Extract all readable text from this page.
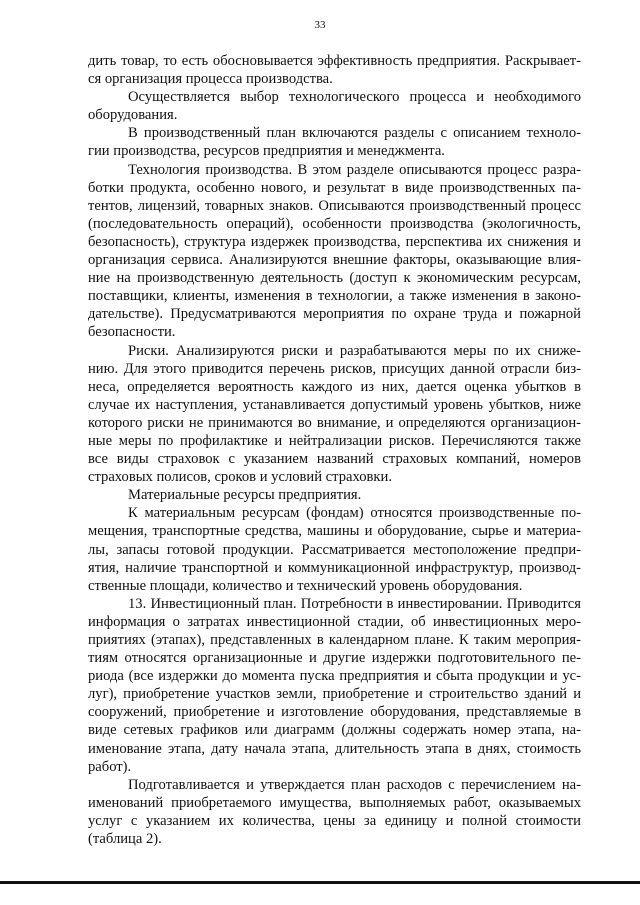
33
дить товар, то есть обосновывается эффективность предприятия. Раскрывает-
ся организация процесса производства.
Осуществляется выбор технологического процесса и необходимого
оборудования.
В производственный план включаются разделы с описанием техноло-
гии производства, ресурсов предприятия и менеджмента.
Технология производства. В этом разделе описываются процесс разра-
ботки продукта, особенно нового, и результат в виде производственных па-
тентов, лицензий, товарных знаков. Описываются производственный процесс
(последовательность операций), особенности производства (экологичность,
безопасность), структура издержек производства, перспектива их снижения и
организация сервиса. Анализируются внешние факторы, оказывающие влия-
ние на производственную деятельность (доступ к экономическим ресурсам,
поставщики, клиенты, изменения в технологии, а также изменения в законо-
дательстве). Предусматриваются мероприятия по охране труда и пожарной
безопасности.
Риски. Анализируются риски и разрабатываются меры по их сниже-
нию. Для этого приводится перечень рисков, присущих данной отрасли биз-
неса, определяется вероятность каждого из них, дается оценка убытков в
случае их наступления, устанавливается допустимый уровень убытков, ниже
которого риски не принимаются во внимание, и определяются организацион-
ные меры по профилактике и нейтрализации рисков. Перечисляются также
все виды страховок с указанием названий страховых компаний, номеров
страховых полисов, сроков и условий страховки.
Материальные ресурсы предприятия.
К материальным ресурсам (фондам) относятся производственные по-
мещения, транспортные средства, машины и оборудование, сырье и материа-
лы, запасы готовой продукции. Рассматривается местоположение предпри-
ятия, наличие транспортной и коммуникационной инфраструктур, производ-
ственные площади, количество и технический уровень оборудования.
13. Инвестиционный план. Потребности в инвестировании. Приводится
информация о затратах инвестиционной стадии, об инвестиционных меро-
приятиях (этапах), представленных в календарном плане. К таким мероприя-
тиям относятся организационные и другие издержки подготовительного пе-
риода (все издержки до момента пуска предприятия и сбыта продукции и ус-
луг), приобретение участков земли, приобретение и строительство зданий и
сооружений, приобретение и изготовление оборудования, представляемые в
виде сетевых графиков или диаграмм (должны содержать номер этапа, на-
именование этапа, дату начала этапа, длительность этапа в днях, стоимость
работ).
Подготавливается и утверждается план расходов с перечислением на-
именований приобретаемого имущества, выполняемых работ, оказываемых
услуг с указанием их количества, цены за единицу и полной стоимости
(таблица 2).
